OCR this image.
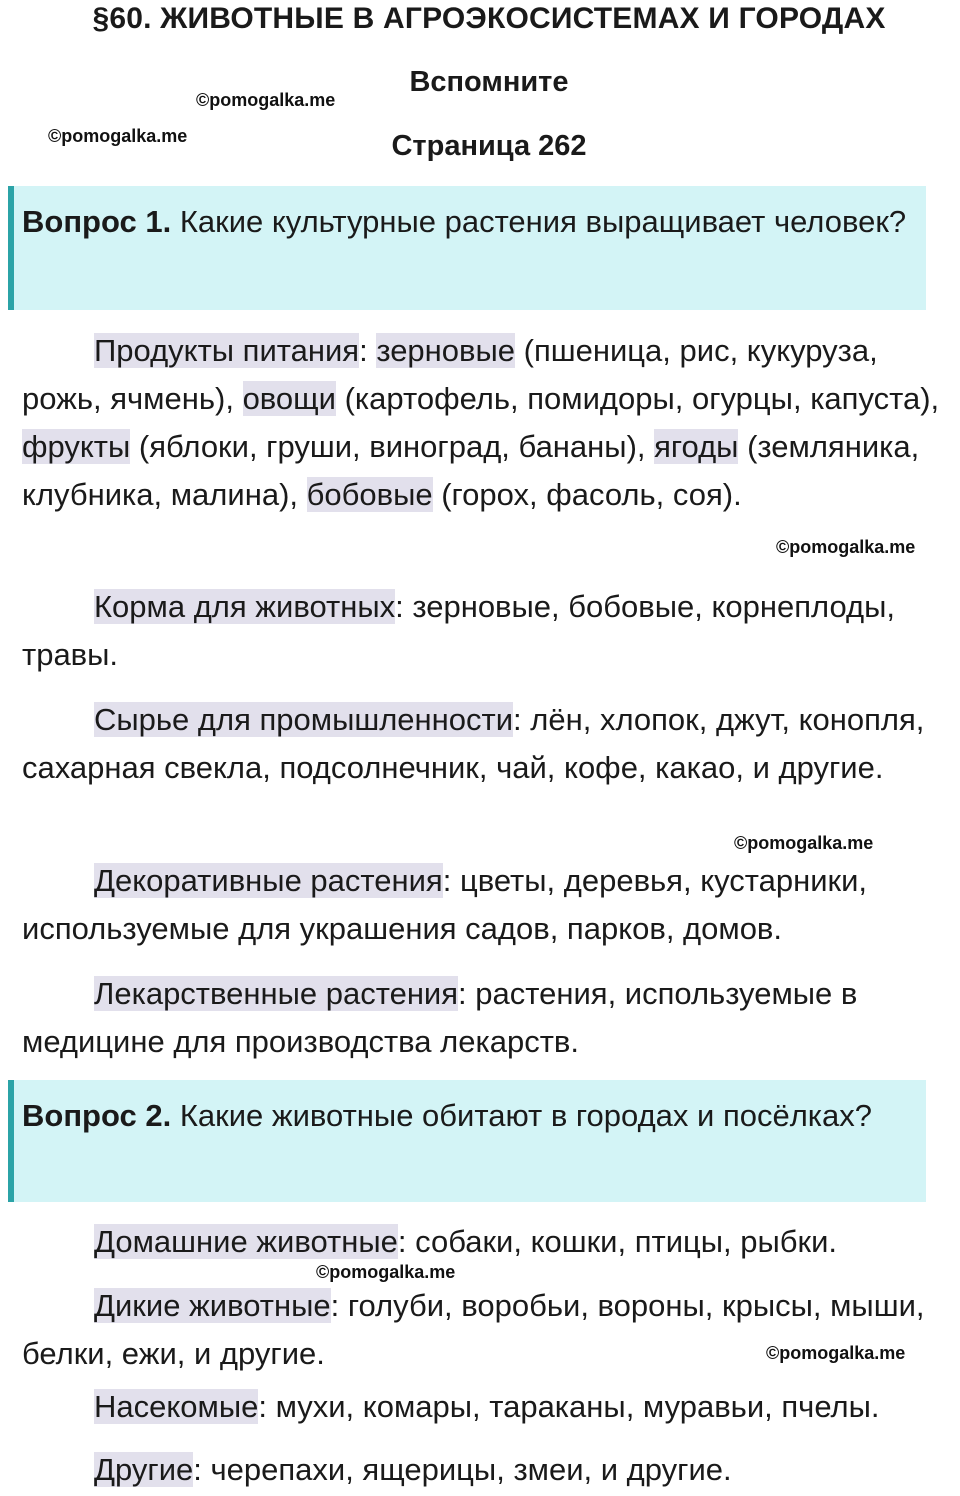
§60. ЖИВОТНЫЕ В АГРОЭКОСИСТЕМАХ И ГОРОДАХ
Вспомните
Страница 262
©pomogalka.me
©pomogalka.me
Вопрос 1. Какие культурные растения выращивает человек?
Продукты питания: зерновые (пшеница, рис, кукуруза, рожь, ячмень), овощи (картофель, помидоры, огурцы, капуста), фрукты (яблоки, груши, виноград, бананы), ягоды (земляника, клубника, малина), бобовые (горох, фасоль, соя).
©pomogalka.me
Корма для животных: зерновые, бобовые, корнеплоды, травы.
Сырье для промышленности: лён, хлопок, джут, конопля, сахарная свекла, подсолнечник, чай, кофе, какао, и другие.
©pomogalka.me
Декоративные растения: цветы, деревья, кустарники, используемые для украшения садов, парков, домов.
Лекарственные растения: растения, используемые в медицине для производства лекарств.
Вопрос 2. Какие животные обитают в городах и посёлках?
Домашние животные: собаки, кошки, птицы, рыбки.
©pomogalka.me
Дикие животные: голуби, воробьи, вороны, крысы, мыши, белки, ежи, и другие.	©pomogalka.me
Насекомые: мухи, комары, тараканы, муравьи, пчелы.
Другие: черепахи, ящерицы, змеи, и другие.
